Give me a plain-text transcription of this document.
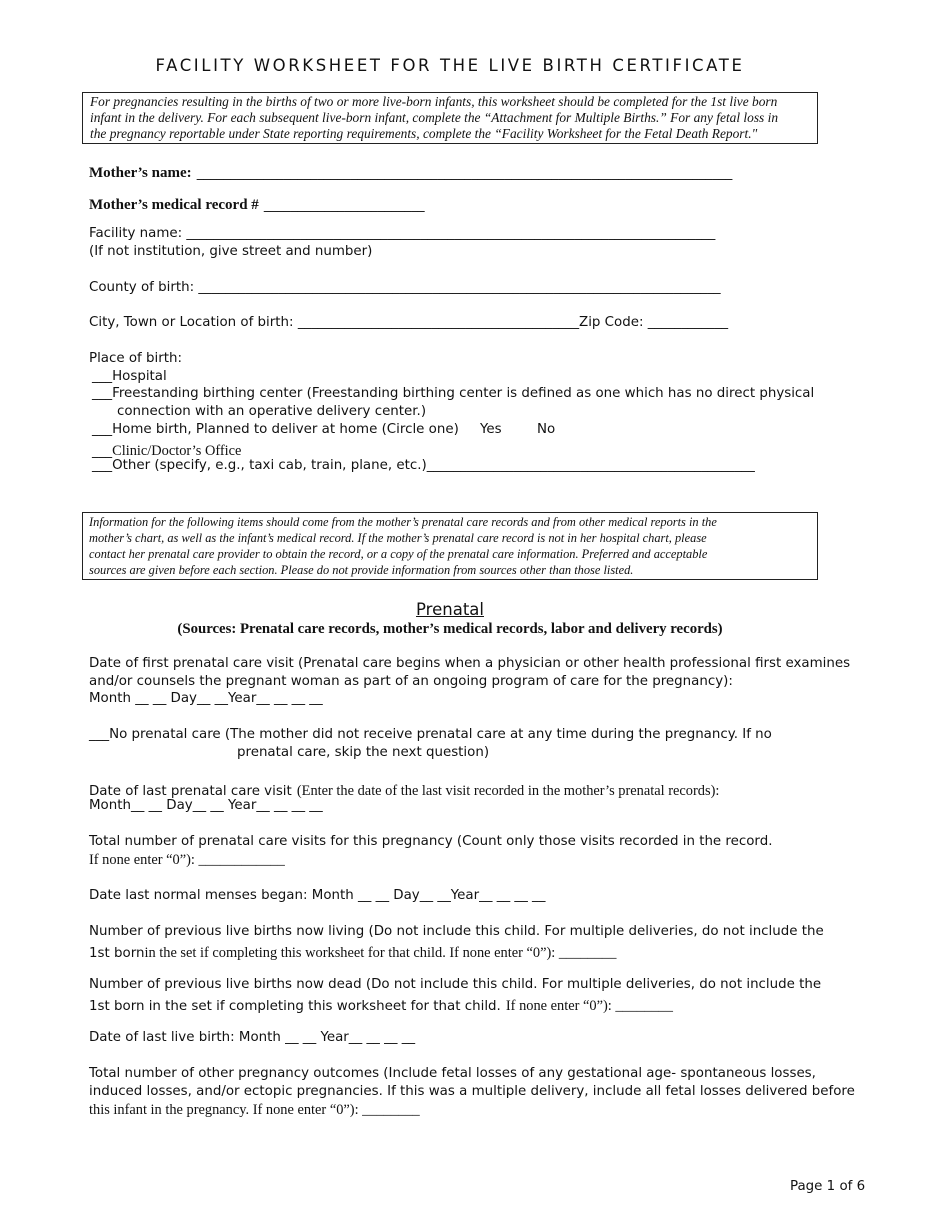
FACILITY WORKSHEET FOR THE LIVE BIRTH CERTIFICATE

For pregnancies resulting in the births of two or more live-born infants, this worksheet should be completed for the 1st live born

infant in the delivery. For each subsequent live-born infant, complete the “Attachment for Multiple Births.” For any fetal loss in

the pregnancy reportable under State reporting requirements, complete the “Facility Worksheet for the Fetal Death Report."

Mother’s name: ________________________________________________________________________________
Mother’s medical record # ________________________
Facility name: _______________________________________________________________________________
(If not institution, give street and number)
County of birth: ______________________________________________________________________________
City, Town or Location of birth: __________________________________________Zip Code: ____________
Place of birth:
___Hospital
___Freestanding birthing center (Freestanding birthing center is defined as one which has no direct physical
connection with an operative delivery center.)
___Home birth, Planned to deliver at home (Circle one) Yes	No
___Clinic/Doctor’s Office
___Other (specify, e.g., taxi cab, train, plane, etc.)_________________________________________________

Information for the following items should come from the mother’s prenatal care records and from other medical reports in the

mother’s chart, as well as the infant’s medical record. If the mother’s prenatal care record is not in her hospital chart, please

contact her prenatal care provider to obtain the record, or a copy of the prenatal care information. Preferred and acceptable

sources are given before each section. Please do not provide information from sources other than those listed.

Prenatal
(Sources: Prenatal care records, mother’s medical records, labor and delivery records)
Date of first prenatal care visit (Prenatal care begins when a physician or other health professional first examines
and/or counsels the pregnant woman as part of an ongoing program of care for the pregnancy):
Month __ __ Day__ __Year__ __ __ __
___No prenatal care (The mother did not receive prenatal care at any time during the pregnancy. If no
prenatal care, skip the next question)
Date of last prenatal care visit (Enter the date of the last visit recorded in the mother’s prenatal records):
Month__ __ Day__ __ Year__ __ __ __
Total number of prenatal care visits for this pregnancy (Count only those visits recorded in the record.
If none enter “0”): ____________
Date last normal menses began: Month __ __ Day__ __Year__ __ __ __
Number of previous live births now living (Do not include this child. For multiple deliveries, do not include the
1st bornin the set if completing this worksheet for that child. If none enter “0”): ________
Number of previous live births now dead (Do not include this child. For multiple deliveries, do not include the
1st born in the set if completing this worksheet for that child. If none enter “0”): ________
Date of last live birth: Month __ __ Year__ __ __ __
Total number of other pregnancy outcomes (Include fetal losses of any gestational age- spontaneous losses,
induced losses, and/or ectopic pregnancies. If this was a multiple delivery, include all fetal losses delivered before
this infant in the pregnancy. If none enter “0”): ________
Page 1 of 6
